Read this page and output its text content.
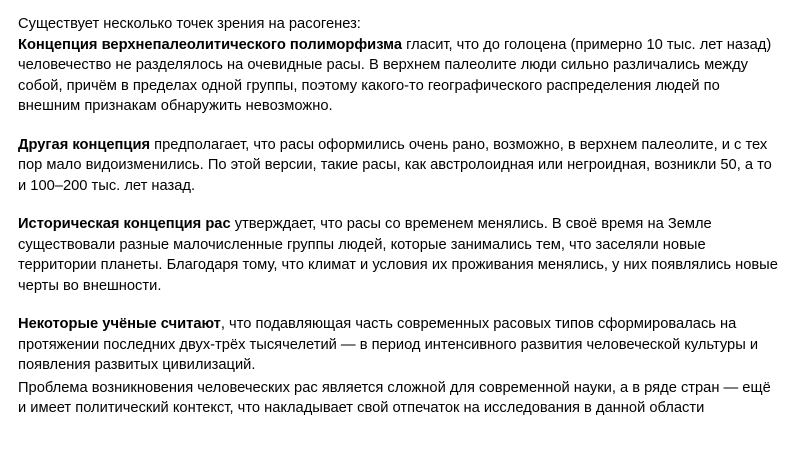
Существует несколько точек зрения на расогенез:

Концепция верхнепалеолитического полиморфизма гласит, что до голоцена (примерно 10 тыс. лет назад) человечество не разделялось на очевидные расы. В верхнем палеолите люди сильно различались между собой, причём в пределах одной группы, поэтому какого-то географического распределения людей по внешним признакам обнаружить невозможно.

Другая концепция предполагает, что расы оформились очень рано, возможно, в верхнем палеолите, и с тех пор мало видоизменились. По этой версии, такие расы, как австролоидная или негроидная, возникли 50, а то и 100–200 тыс. лет назад.

Историческая концепция рас утверждает, что расы со временем менялись. В своё время на Земле существовали разные малочисленные группы людей, которые занимались тем, что заселяли новые территории планеты. Благодаря тому, что климат и условия их проживания менялись, у них появлялись новые черты во внешности.

Некоторые учёные считают, что подавляющая часть современных расовых типов сформировалась на протяжении последних двух-трёх тысячелетий — в период интенсивного развития человеческой культуры и появления развитых цивилизаций.

Проблема возникновения человеческих рас является сложной для современной науки, а в ряде стран — ещё и имеет политический контекст, что накладывает свой отпечаток на исследования в данной области
